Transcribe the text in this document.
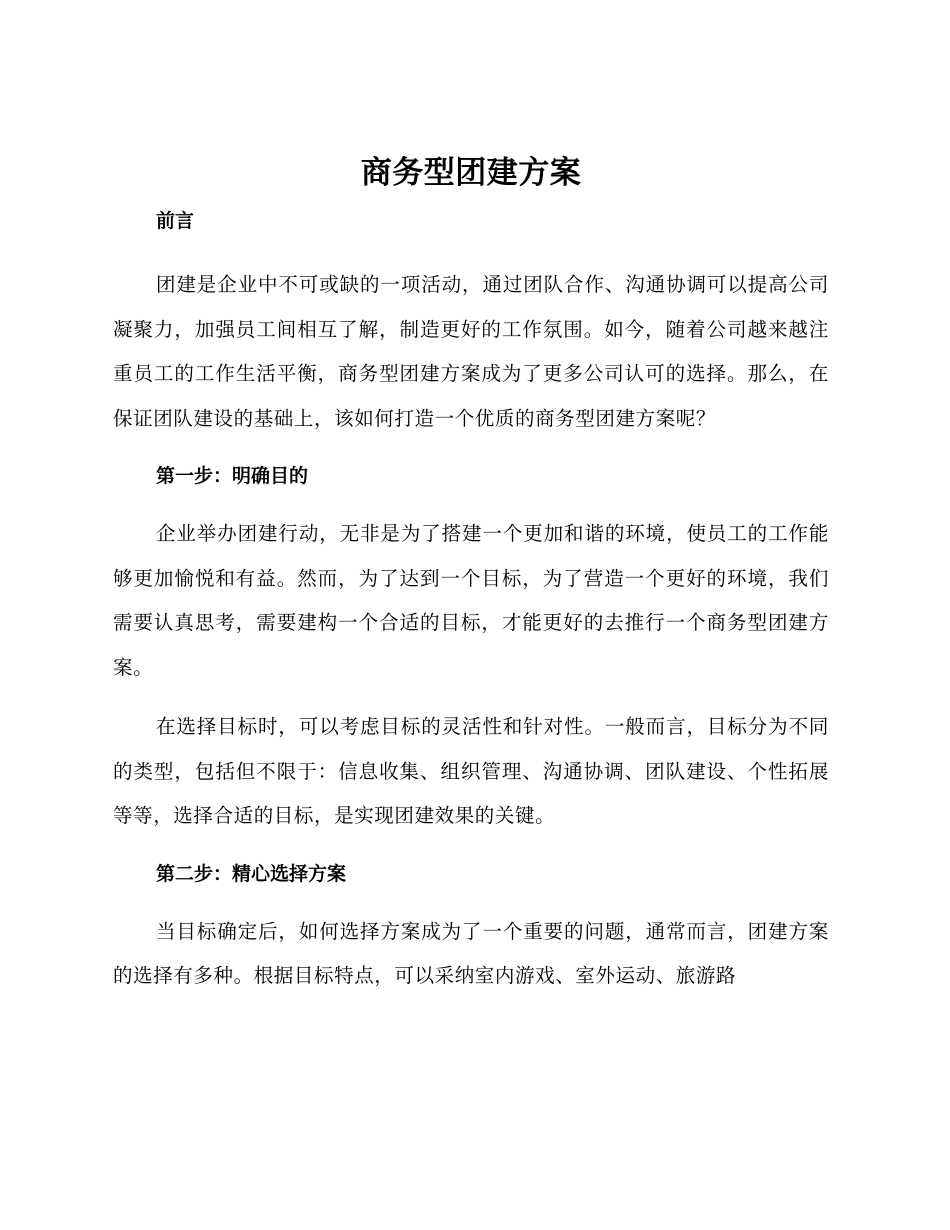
商务型团建方案
前言

团建是企业中不可或缺的一项活动，通过团队合作、沟通协调可以提高公司凝聚力，加强员工间相互了解，制造更好的工作氛围。如今，随着公司越来越注重员工的工作生活平衡，商务型团建方案成为了更多公司认可的选择。那么，在保证团队建设的基础上，该如何打造一个优质的商务型团建方案呢？

第一步：明确目的

企业举办团建行动，无非是为了搭建一个更加和谐的环境，使员工的工作能够更加愉悦和有益。然而，为了达到一个目标，为了营造一个更好的环境，我们需要认真思考，需要建构一个合适的目标，才能更好的去推行一个商务型团建方案。

在选择目标时，可以考虑目标的灵活性和针对性。一般而言，目标分为不同的类型，包括但不限于：信息收集、组织管理、沟通协调、团队建设、个性拓展等等，选择合适的目标，是实现团建效果的关键。

第二步：精心选择方案

当目标确定后，如何选择方案成为了一个重要的问题，通常而言，团建方案的选择有多种。根据目标特点，可以采纳室内游戏、室外运动、旅游路
